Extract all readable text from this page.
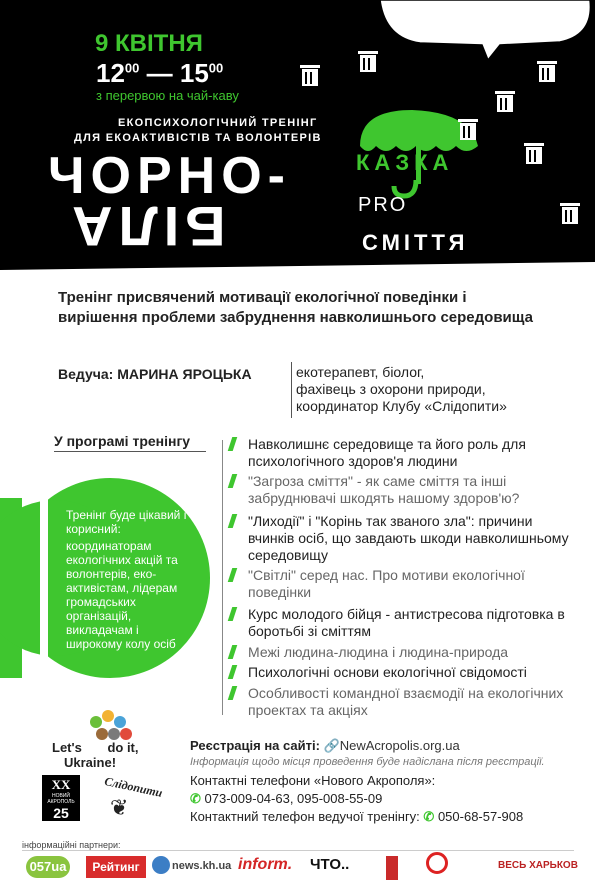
9 КВІТНЯ
$12^{00}$ — $15^{00}$
з перервою на чай-каву
ЕКОПСИХОЛОГІЧНИЙ ТРЕНІНГ
ДЛЯ ЕКОАКТИВІСТІВ ТА ВОЛОНТЕРІВ
ЧОРНО-
БІЛА
КАЗКА
PRO
СМІТТЯ
Тренінг присвячений мотивації екологічної поведінки і вирішення проблеми забруднення навколишнього середовища
Ведуча: МАРИНА ЯРОЦЬКА	екотерапевт, біолог,
фахівець з охорони природи,
координатор Клубу «Слідопити»
Тренінг буде цікавий і корисний:
координаторам екологічних акцій та волонтерів, еко-активістам, лідерам громадських організацій, викладачам і широкому колу осіб
У програмі тренінгу	Навколишнє середовище та його роль для психологічного здоров'я людини
"Загроза сміття" - як саме сміття та інші забруднювачі шкодять нашому здоров'ю?
"Лиходії" і "Корінь так званого зла": причини вчинків осіб, що завдають шкоди навколишньому середовищу
"Світлі" серед нас. Про мотиви екологічної поведінки
Курс молодого бійця - антистресова підготовка в боротьбі зі сміттям
Межі людина-людина і людина-природа
Психологічні основи екологічної свідомості
Особливості командної взаємодії на екологічних проектах та акціях
Let's do it,
Ukraine!
XX
НОВИЙ АКРОПОЛЬ
25
Слідопити
❦
Реєстрація на сайті: 🔗NewAcropolis.org.ua
Інформація щодо місця проведення буде надіслана після реєстрації.
Контактні телефони «Нового Акрополя»:
✆ 073-009-04-63, 095-008-55-09
Контактний телефон ведучої тренінгу: ✆ 050-68-57-908
інформаційні партнери:
057ua	Рейтинг	news.kh.ua inform. ЧТО..	ВЕСЬ ХАРЬКОВ
